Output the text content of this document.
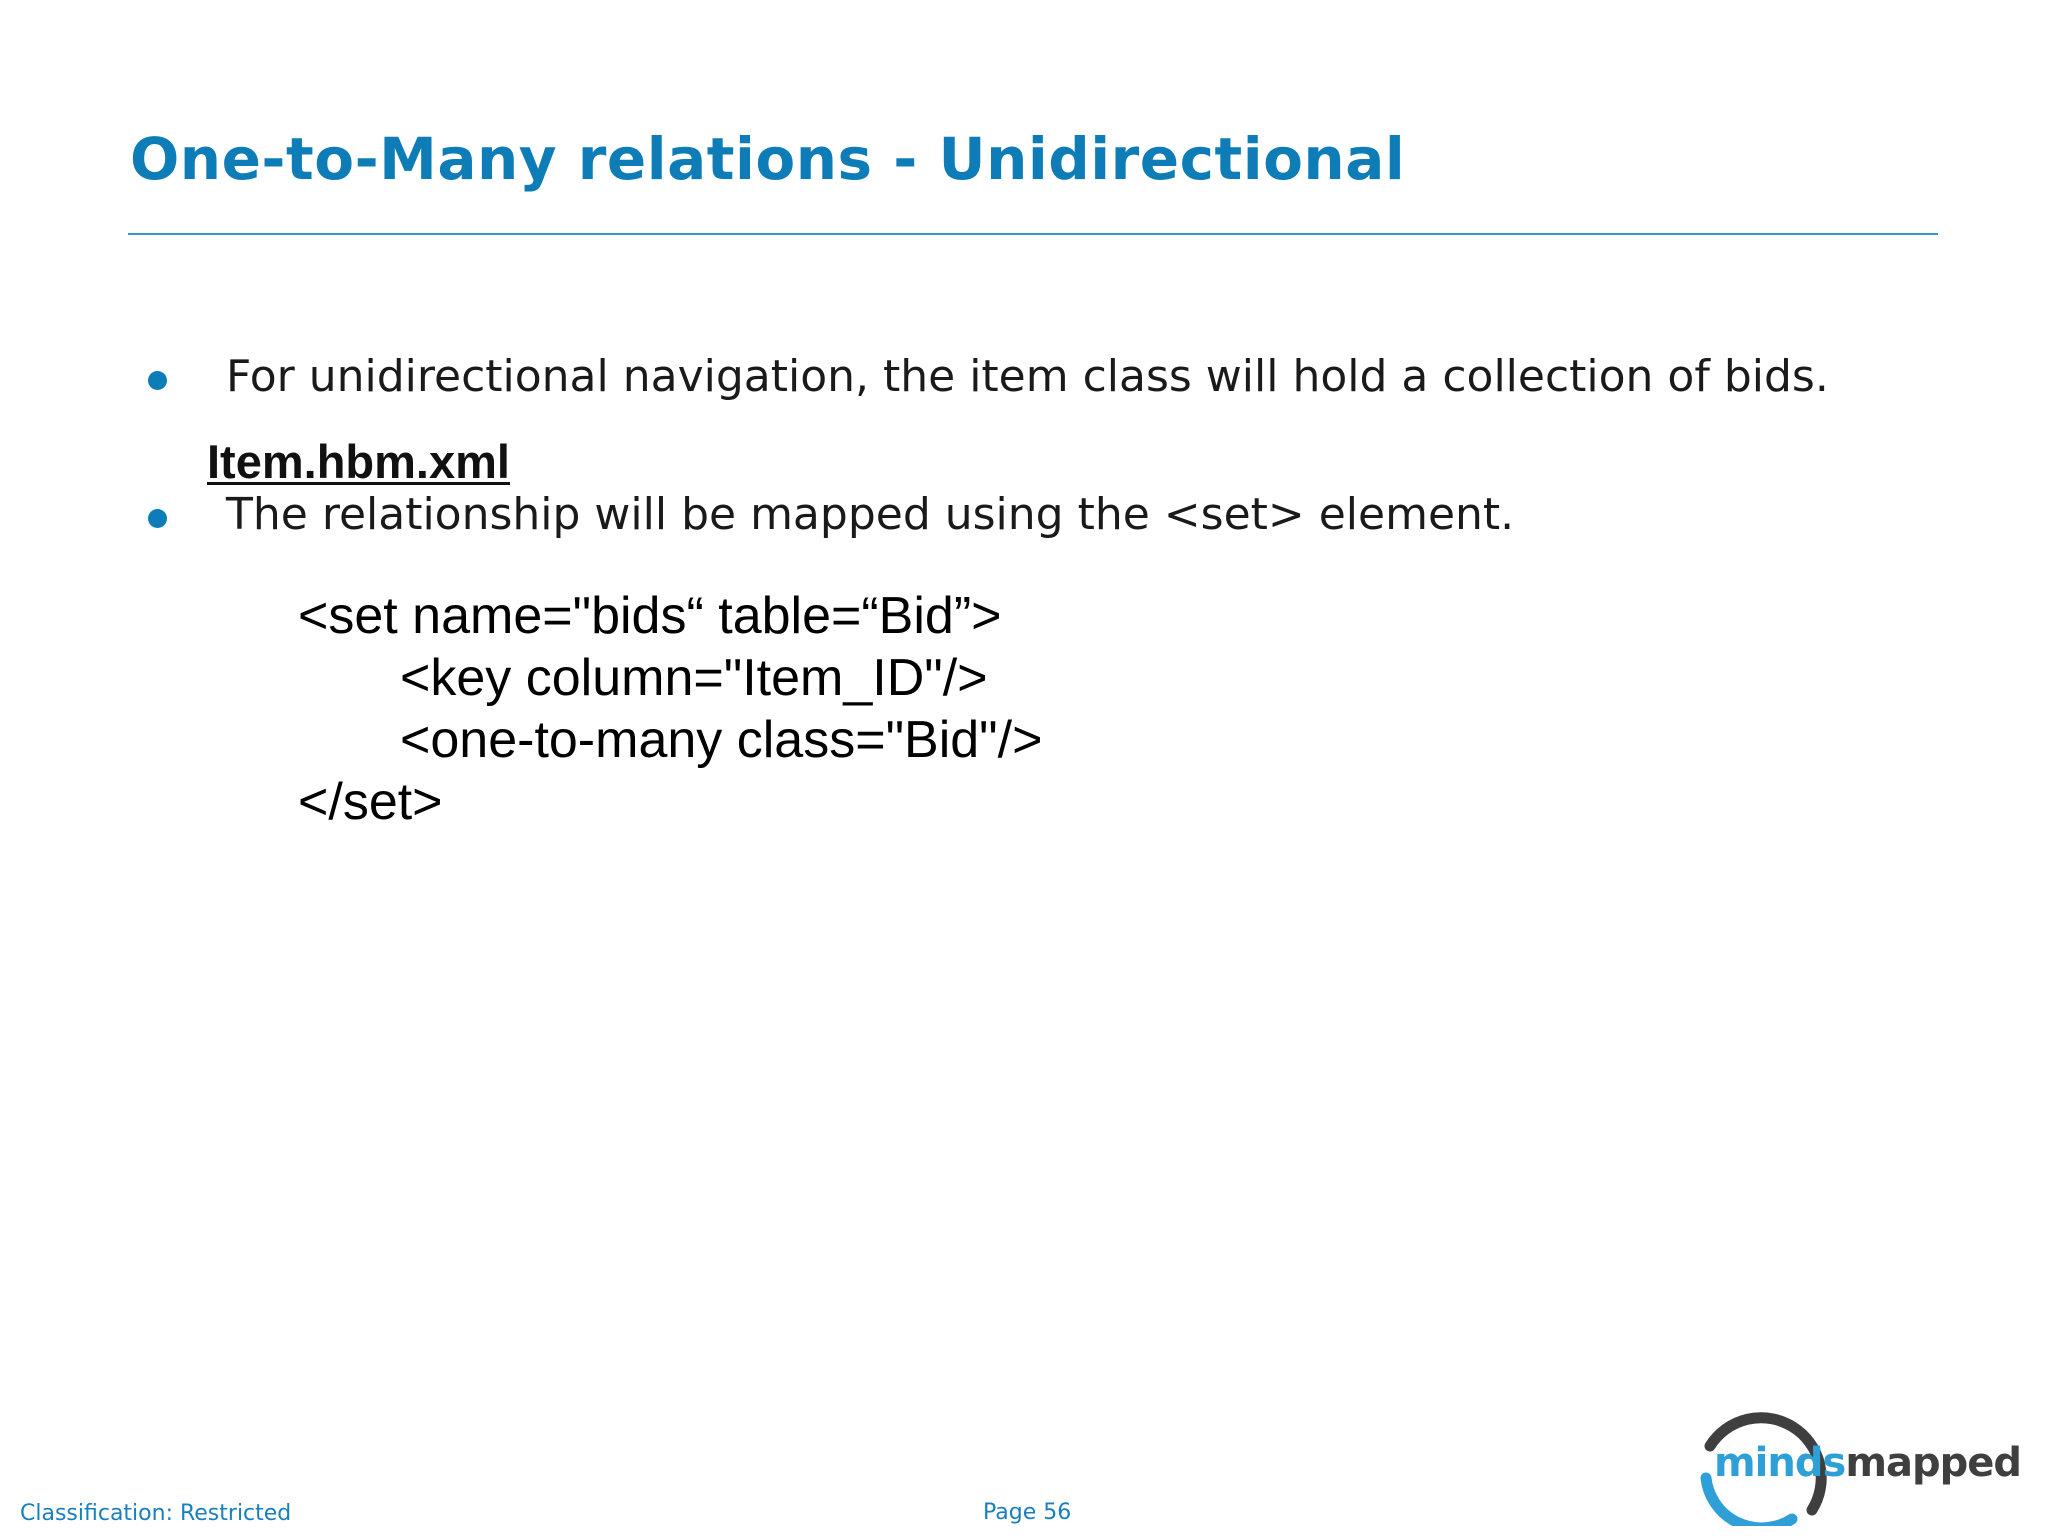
One-to-Many relations - Unidirectional
For unidirectional navigation, the item class will hold a collection of bids.
Item.hbm.xml
The relationship will be mapped using the <set> element.
<set name="bids“ table=“Bid”>
<key column="Item_ID"/>
<one-to-many class="Bid"/>
</set>
Classification: Restricted	Page 56
mindsmapped
